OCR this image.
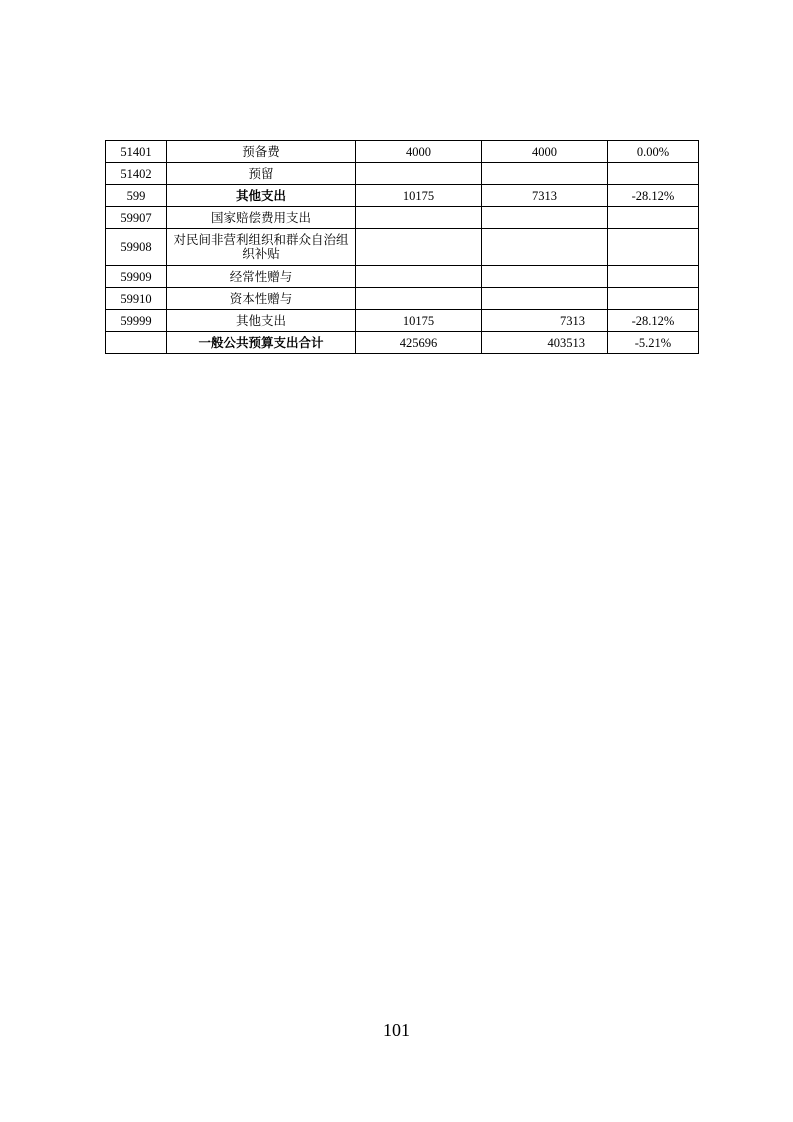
51401	预备费	4000	4000	0.00%
51402	预留			
599	其他支出	10175	7313	-28.12%
59907	国家赔偿费用支出			
59908	对民间非营利组织和群众自治组织补贴			
59909	经常性赠与			
59910	资本性赠与			
59999	其他支出	10175	7313	-28.12%
	一般公共预算支出合计	425696	403513	-5.21%
101
